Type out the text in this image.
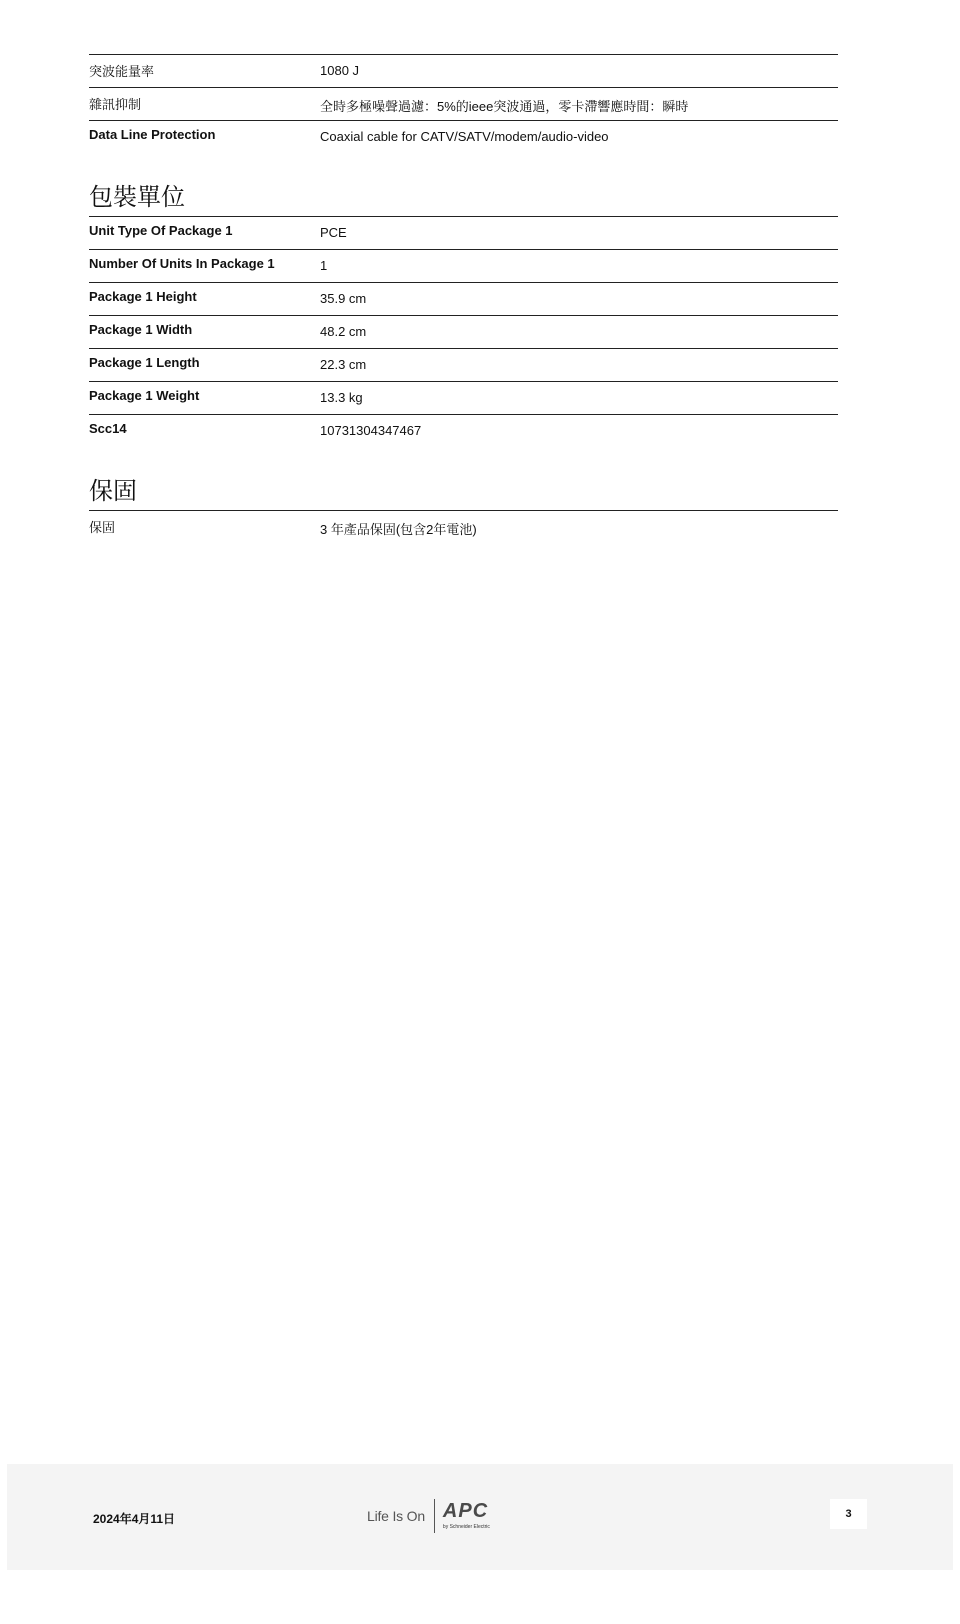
突波能量率	1080 J
雜訊抑制	全時多極噪聲過濾：5%的ieee突波通過，零卡滯響應時間：瞬時
Data Line Protection	Coaxial cable for CATV/SATV/modem/audio-video
包裝單位
Unit Type Of Package 1	PCE
Number Of Units In Package 1	1
Package 1 Height	35.9 cm
Package 1 Width	48.2 cm
Package 1 Length	22.3 cm
Package 1 Weight	13.3 kg
Scc14	10731304347467
保固
保固	3 年產品保固(包含2年電池)
2024年4月11日	Life Is On APC
by Schneider Electric
3
